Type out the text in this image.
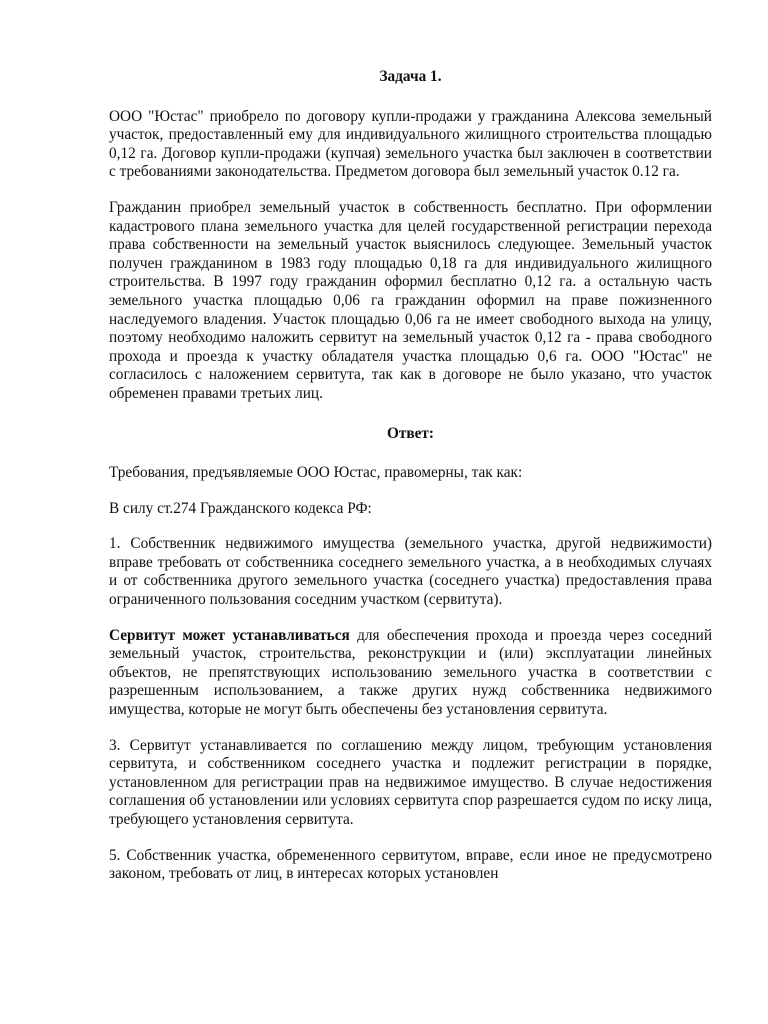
Задача 1.

ООО "Юстас" приобрело по договору купли-продажи у гражданина Алексова земельный участок, предоставленный ему для индивидуального жилищного строительства площадью 0,12 га. Договор купли-продажи (купчая) земельного участка был заключен в соответствии с требованиями законодательства. Предметом договора был земельный участок 0.12 га.

Гражданин приобрел земельный участок в собственность бесплатно. При оформлении кадастрового плана земельного участка для целей государственной регистрации перехода права собственности на земельный участок выяснилось следующее. Земельный участок получен гражданином в 1983 году площадью 0,18 га для индивидуального жилищного строительства. В 1997 году гражданин оформил бесплатно 0,12 га. а остальную часть земельного участка площадью 0,06 га гражданин оформил на праве пожизненного наследуемого владения. Участок площадью 0,06 га не имеет свободного выхода на улицу, поэтому необходимо наложить сервитут на земельный участок 0,12 га - права свободного прохода и проезда к участку обладателя участка площадью 0,6 га. ООО "Юстас" не согласилось с наложением сервитута, так как в договоре не было указано, что участок обременен правами третьих лиц.

Ответ:

Требования, предъявляемые ООО Юстас, правомерны, так как:

В силу ст.274 Гражданского кодекса РФ:

1. Собственник недвижимого имущества (земельного участка, другой недвижимости) вправе требовать от собственника соседнего земельного участка, а в необходимых случаях и от собственника другого земельного участка (соседнего участка) предоставления права ограниченного пользования соседним участком (сервитута).

Сервитут может устанавливаться для обеспечения прохода и проезда через соседний земельный участок, строительства, реконструкции и (или) эксплуатации линейных объектов, не препятствующих использованию земельного участка в соответствии с разрешенным использованием, а также других нужд собственника недвижимого имущества, которые не могут быть обеспечены без установления сервитута.

3. Сервитут устанавливается по соглашению между лицом, требующим установления сервитута, и собственником соседнего участка и подлежит регистрации в порядке, установленном для регистрации прав на недвижимое имущество. В случае недостижения соглашения об установлении или условиях сервитута спор разрешается судом по иску лица, требующего установления сервитута.

5. Собственник участка, обремененного сервитутом, вправе, если иное не предусмотрено законом, требовать от лиц, в интересах которых установлен
